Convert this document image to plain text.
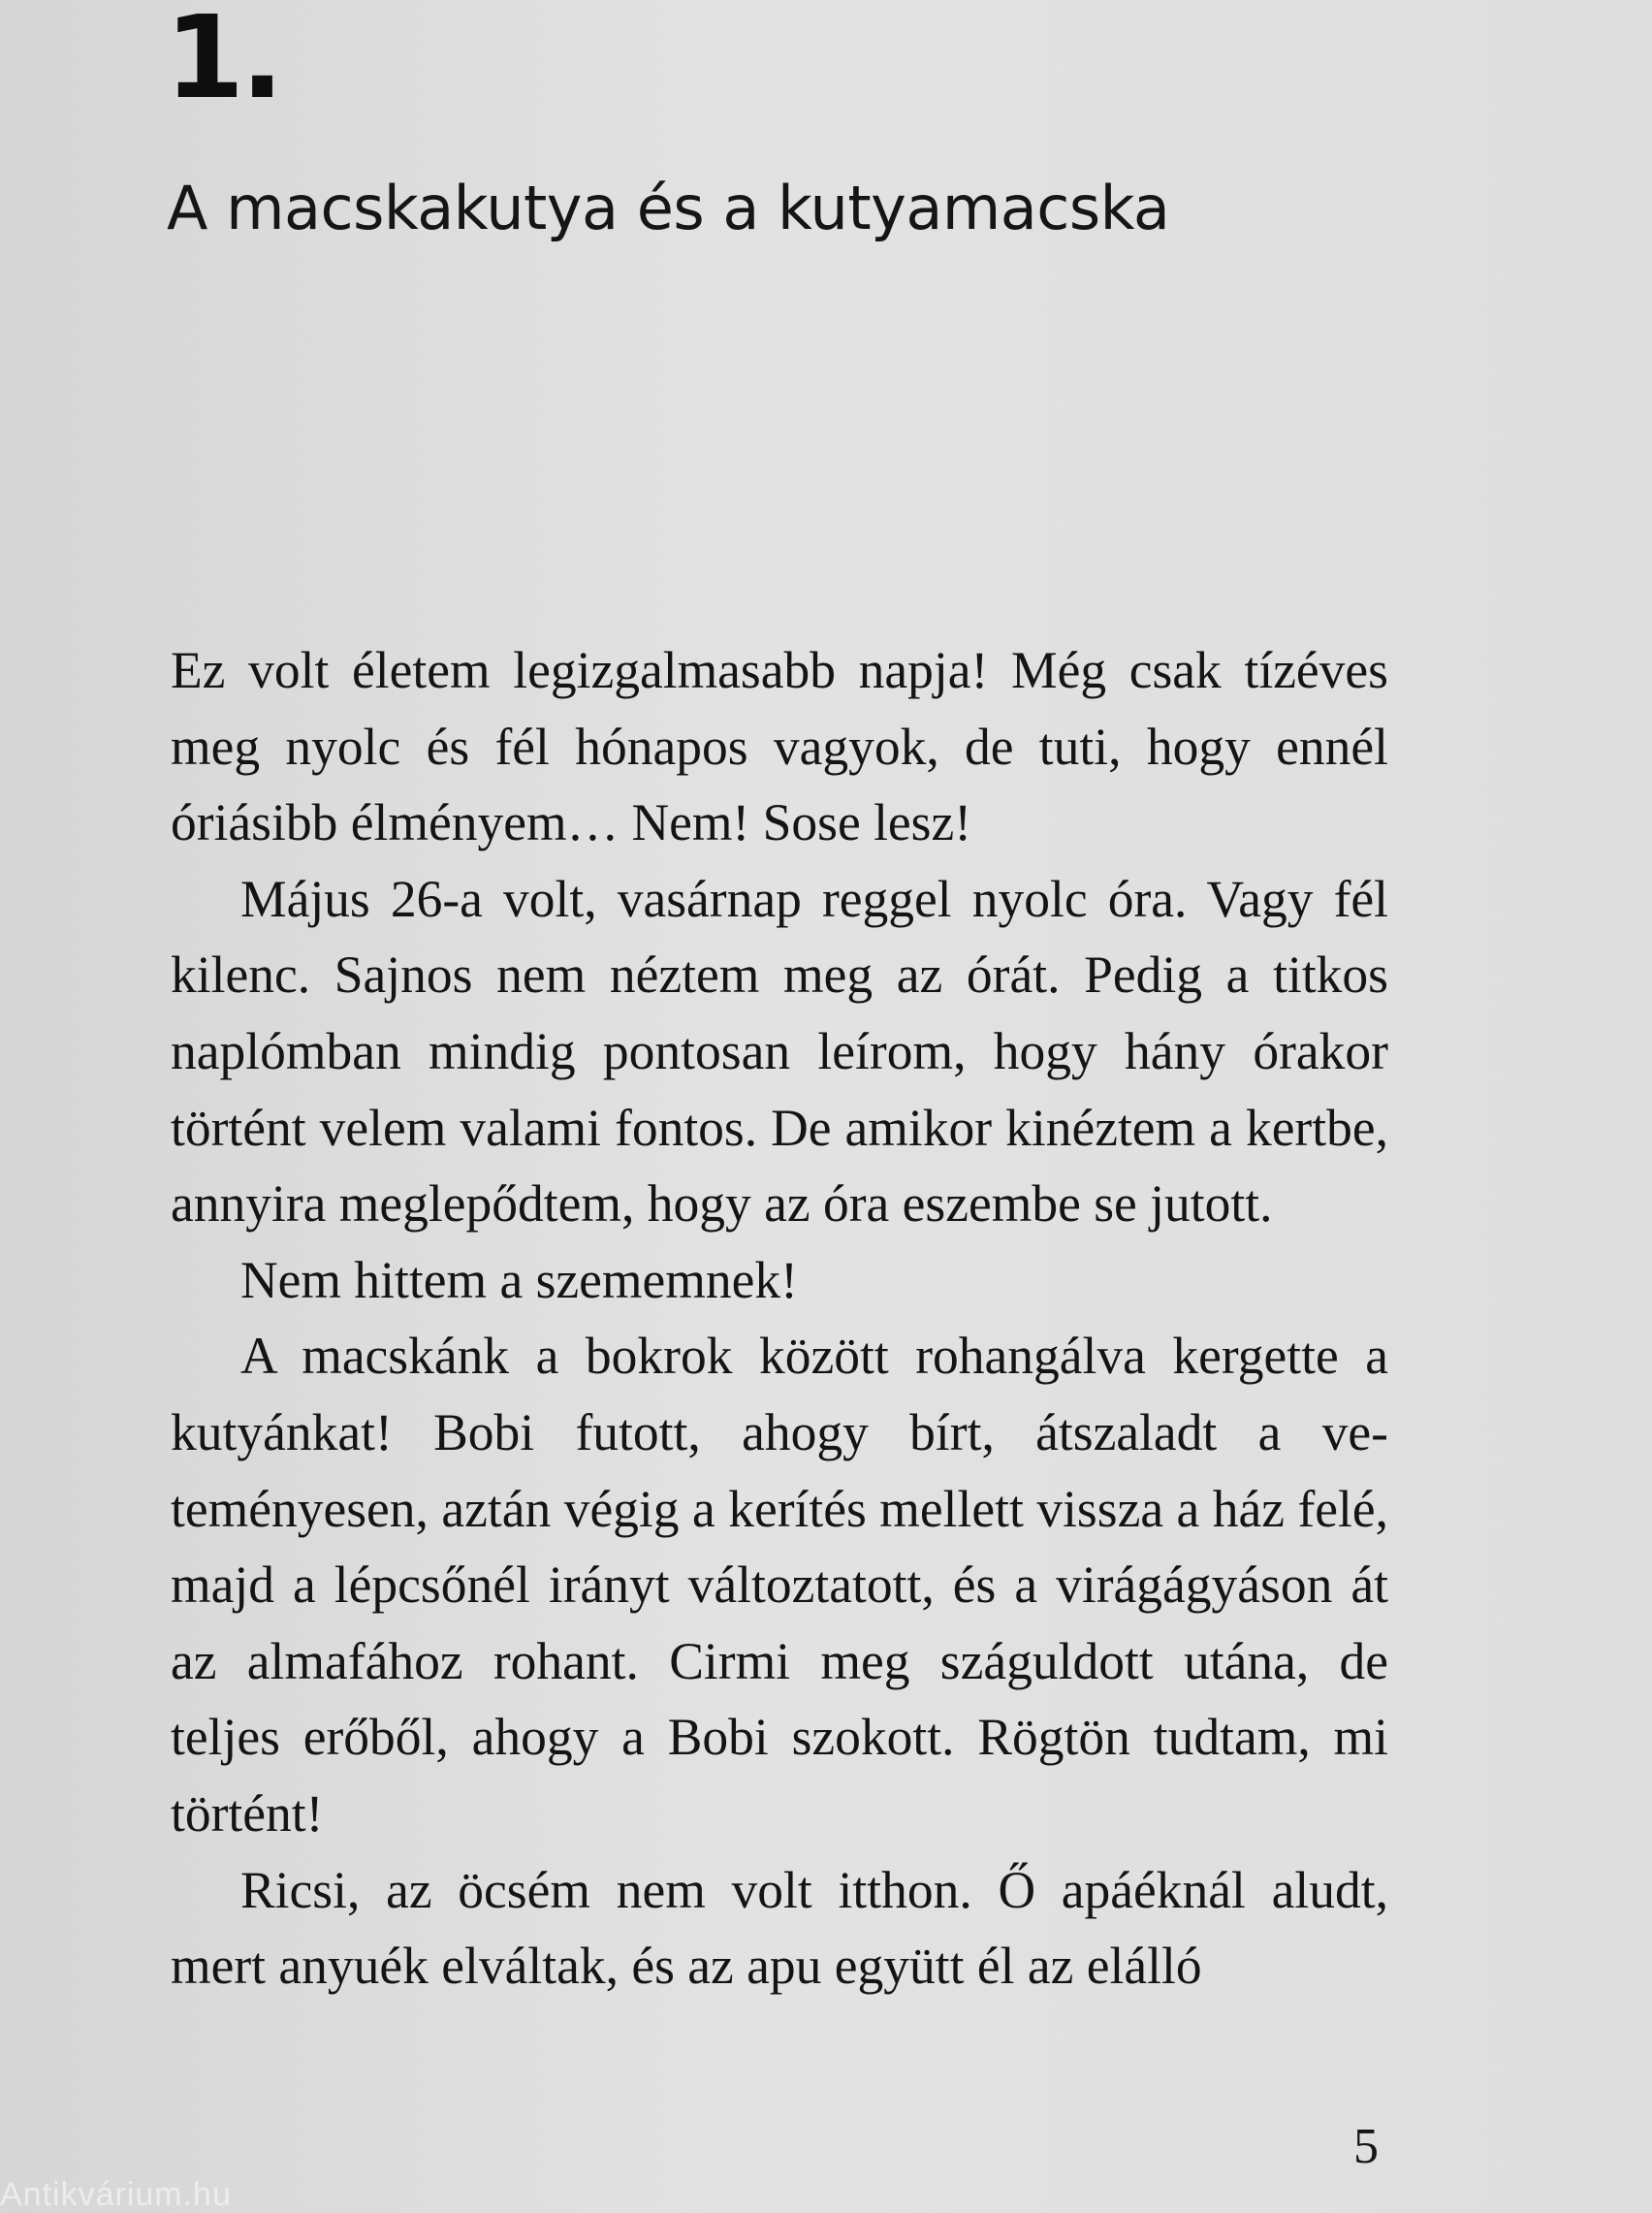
1.
A macskakutya és a kutyamacska

Ez volt életem legizgalmasabb napja! Még csak tízéves meg nyolc és fél hónapos vagyok, de tuti, hogy ennél óriásibb élményem… Nem! Sose lesz!

Május 26-a volt, vasárnap reggel nyolc óra. Vagy fél kilenc. Sajnos nem néztem meg az órát. Pedig a titkos naplómban mindig pontosan leírom, hogy hány órakor történt velem valami fontos. De amikor kinéztem a kertbe, annyira meglepődtem, hogy az óra eszembe se jutott.

Nem hittem a szememnek!

A macskánk a bokrok között rohangálva kergette a kutyánkat! Bobi futott, ahogy bírt, átszaladt a veteményesen, aztán végig a kerítés mellett vissza a ház felé, majd a lépcsőnél irányt változtatott, és a virágágyáson át az almafához rohant. Cirmi meg száguldott utána, de teljes erőből, ahogy a Bobi szokott. Rögtön tudtam, mi történt!

Ricsi, az öcsém nem volt itthon. Ő apáéknál aludt, mert anyuék elváltak, és az apu együtt él az elálló

5
Antikvárium.hu
